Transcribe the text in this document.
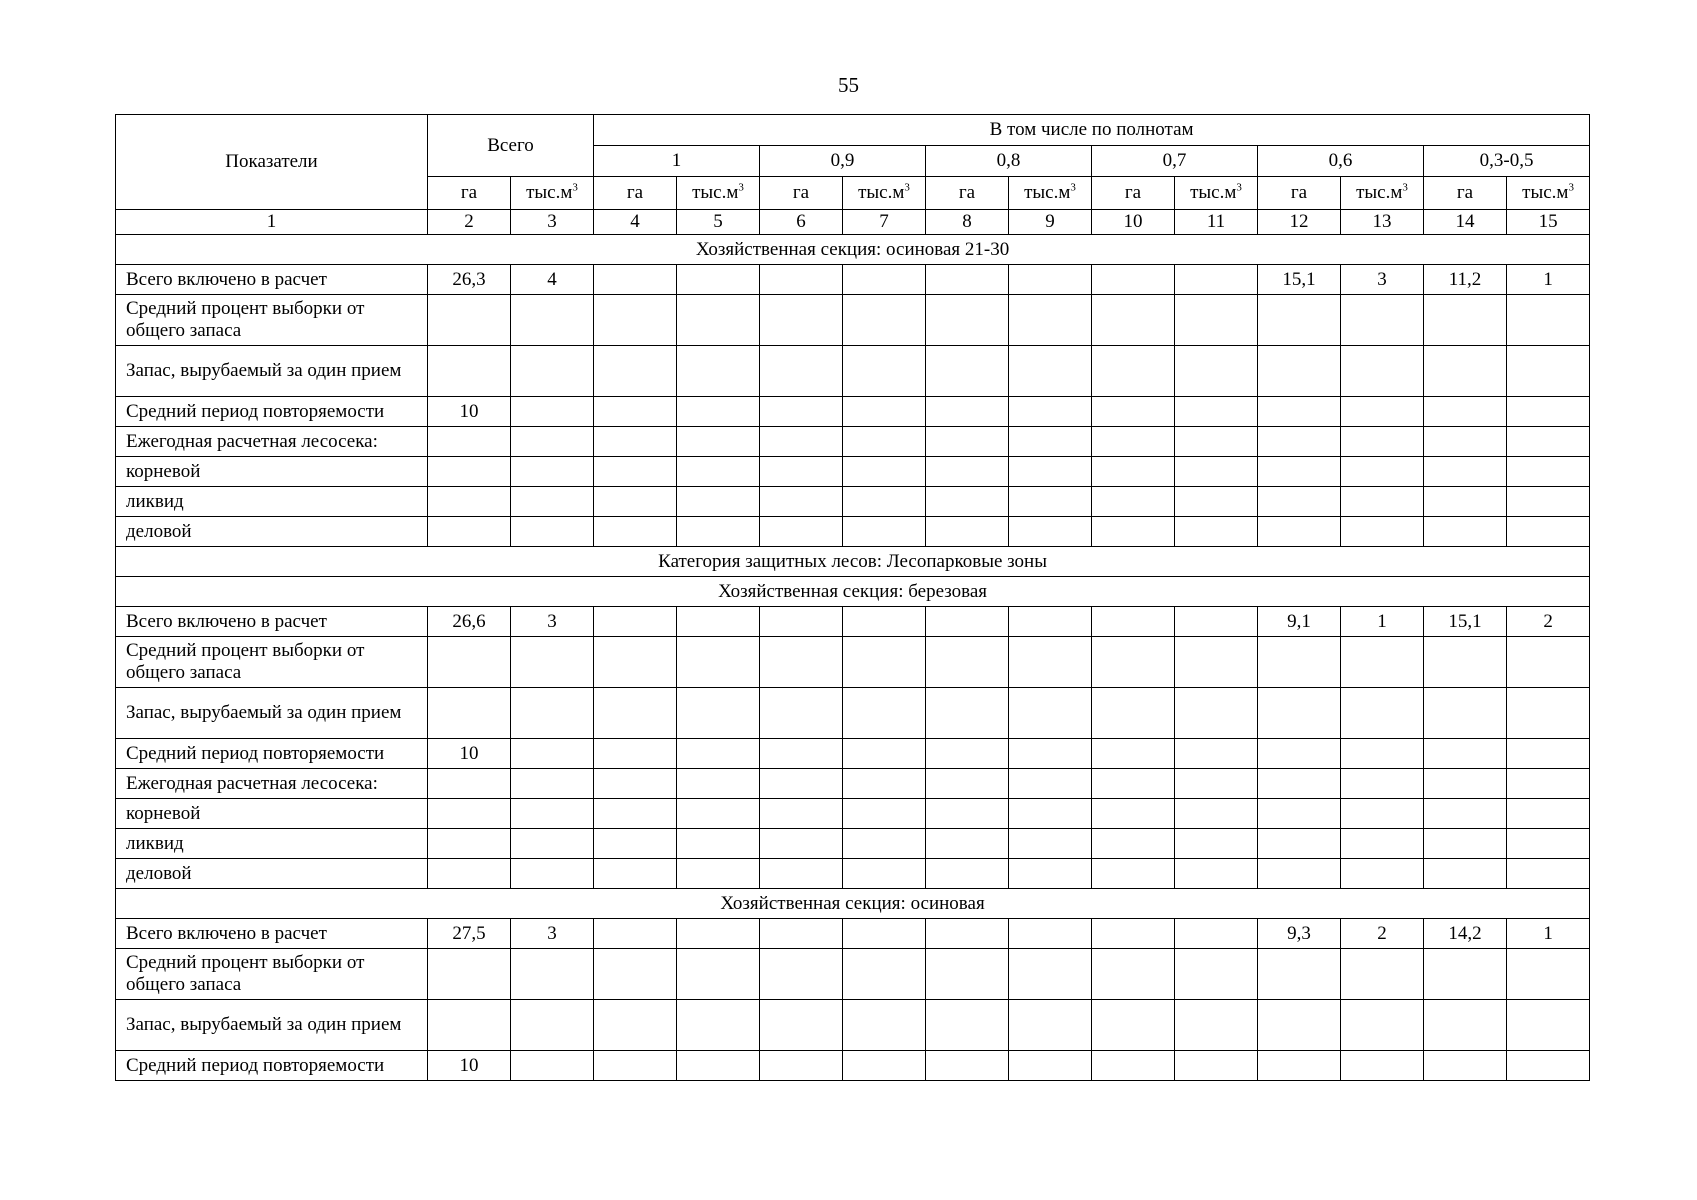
55
Показатели	Всего		В том числе по полнотам											
			1		0,9		0,8		0,7		0,6		0,3-0,5	
	га	$тыс.м^3$	га	$тыс.м^3$	га	$тыс.м^3$	га	$тыс.м^3$	га	$тыс.м^3$	га	$тыс.м^3$	га	$тыс.м^3$
1	2	3	4	5	6	7	8	9	10	11	12	13	14	15
Хозяйственная секция: осиновая 21-30														
Всего включено в расчет	26,3	4									15,1	3	11,2	1
Средний процент выборки от общего запаса														
Запас, вырубаемый за один прием														
Средний период повторяемости	10													
Ежегодная расчетная лесосека:														
корневой														
ликвид														
деловой														
Категория защитных лесов: Лесопарковые зоны														
Хозяйственная секция: березовая														
Всего включено в расчет	26,6	3									9,1	1	15,1	2
Средний процент выборки от общего запаса														
Запас, вырубаемый за один прием														
Средний период повторяемости	10													
Ежегодная расчетная лесосека:														
корневой														
ликвид														
деловой														
Хозяйственная секция: осиновая														
Всего включено в расчет	27,5	3									9,3	2	14,2	1
Средний процент выборки от общего запаса														
Запас, вырубаемый за один прием														
Средний период повторяемости	10													
